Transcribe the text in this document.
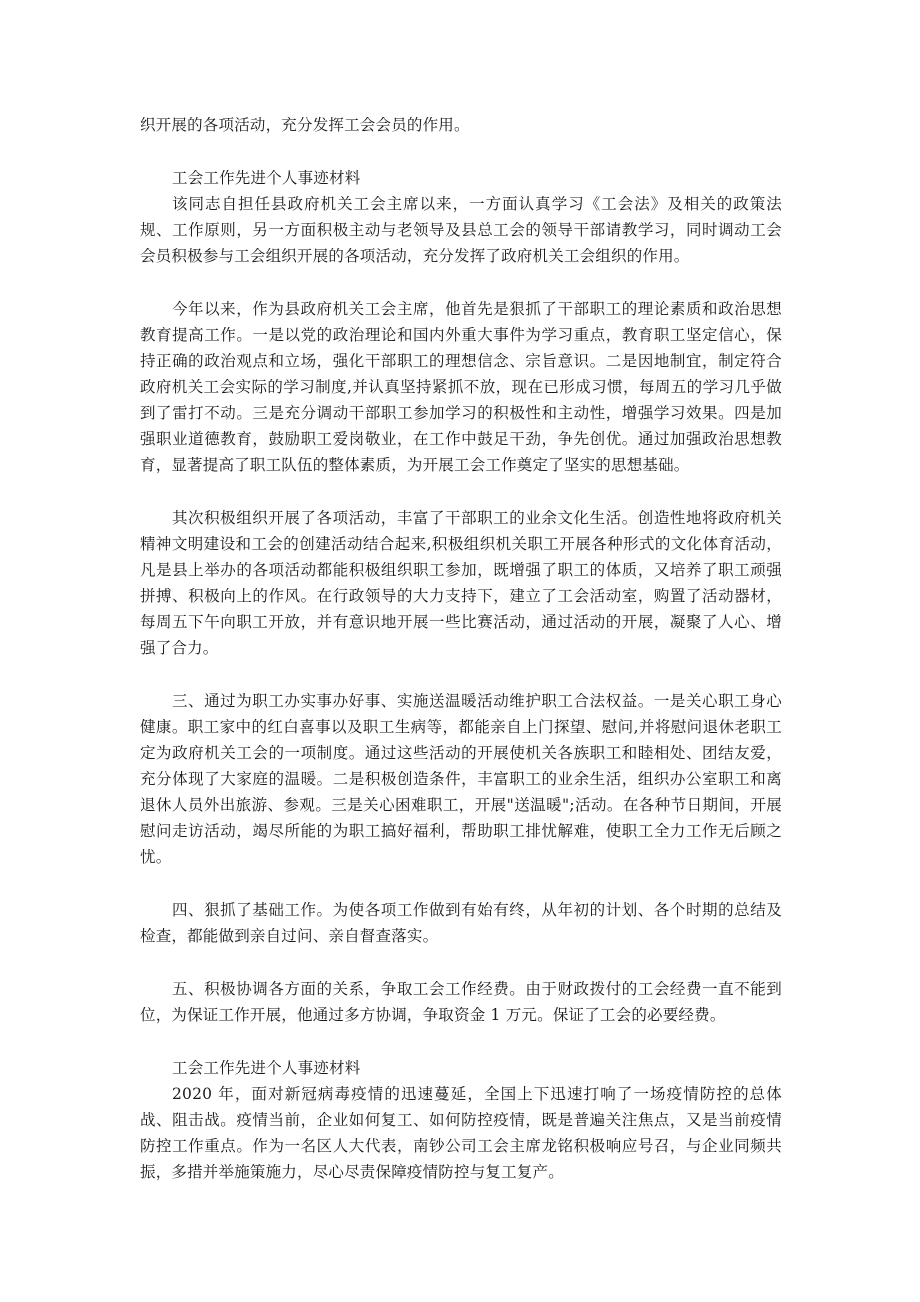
织开展的各项活动，充分发挥工会会员的作用。

工会工作先进个人事迹材料

该同志自担任县政府机关工会主席以来，一方面认真学习《工会法》及相关的政策法规、工作原则，另一方面积极主动与老领导及县总工会的领导干部请教学习，同时调动工会会员积极参与工会组织开展的各项活动，充分发挥了政府机关工会组织的作用。

今年以来，作为县政府机关工会主席，他首先是狠抓了干部职工的理论素质和政治思想教育提高工作。一是以党的政治理论和国内外重大事件为学习重点，教育职工坚定信心，保持正确的政治观点和立场，强化干部职工的理想信念、宗旨意识。二是因地制宜，制定符合政府机关工会实际的学习制度,并认真坚持紧抓不放，现在已形成习惯，每周五的学习几乎做到了雷打不动。三是充分调动干部职工参加学习的积极性和主动性，增强学习效果。四是加强职业道德教育，鼓励职工爱岗敬业，在工作中鼓足干劲，争先创优。通过加强政治思想教育，显著提高了职工队伍的整体素质，为开展工会工作奠定了坚实的思想基础。

其次积极组织开展了各项活动，丰富了干部职工的业余文化生活。创造性地将政府机关精神文明建设和工会的创建活动结合起来,积极组织机关职工开展各种形式的文化体育活动，凡是县上举办的各项活动都能积极组织职工参加，既增强了职工的体质，又培养了职工顽强拼搏、积极向上的作风。在行政领导的大力支持下，建立了工会活动室，购置了活动器材，每周五下午向职工开放，并有意识地开展一些比赛活动，通过活动的开展，凝聚了人心、增强了合力。

三、通过为职工办实事办好事、实施送温暖活动维护职工合法权益。一是关心职工身心健康。职工家中的红白喜事以及职工生病等，都能亲自上门探望、慰问,并将慰问退休老职工定为政府机关工会的一项制度。通过这些活动的开展使机关各族职工和睦相处、团结友爱，充分体现了大家庭的温暖。二是积极创造条件，丰富职工的业余生活，组织办公室职工和离退休人员外出旅游、参观。三是关心困难职工，开展"送温暖";活动。在各种节日期间，开展慰问走访活动，竭尽所能的为职工搞好福利，帮助职工排忧解难，使职工全力工作无后顾之忧。

四、狠抓了基础工作。为使各项工作做到有始有终，从年初的计划、各个时期的总结及检查，都能做到亲自过问、亲自督查落实。

五、积极协调各方面的关系，争取工会工作经费。由于财政拨付的工会经费一直不能到位，为保证工作开展，他通过多方协调，争取资金 1 万元。保证了工会的必要经费。

工会工作先进个人事迹材料

2020 年，面对新冠病毒疫情的迅速蔓延，全国上下迅速打响了一场疫情防控的总体战、阻击战。疫情当前，企业如何复工、如何防控疫情，既是普遍关注焦点，又是当前疫情防控工作重点。作为一名区人大代表，南钞公司工会主席龙铭积极响应号召，与企业同频共振，多措并举施策施力，尽心尽责保障疫情防控与复工复产。
